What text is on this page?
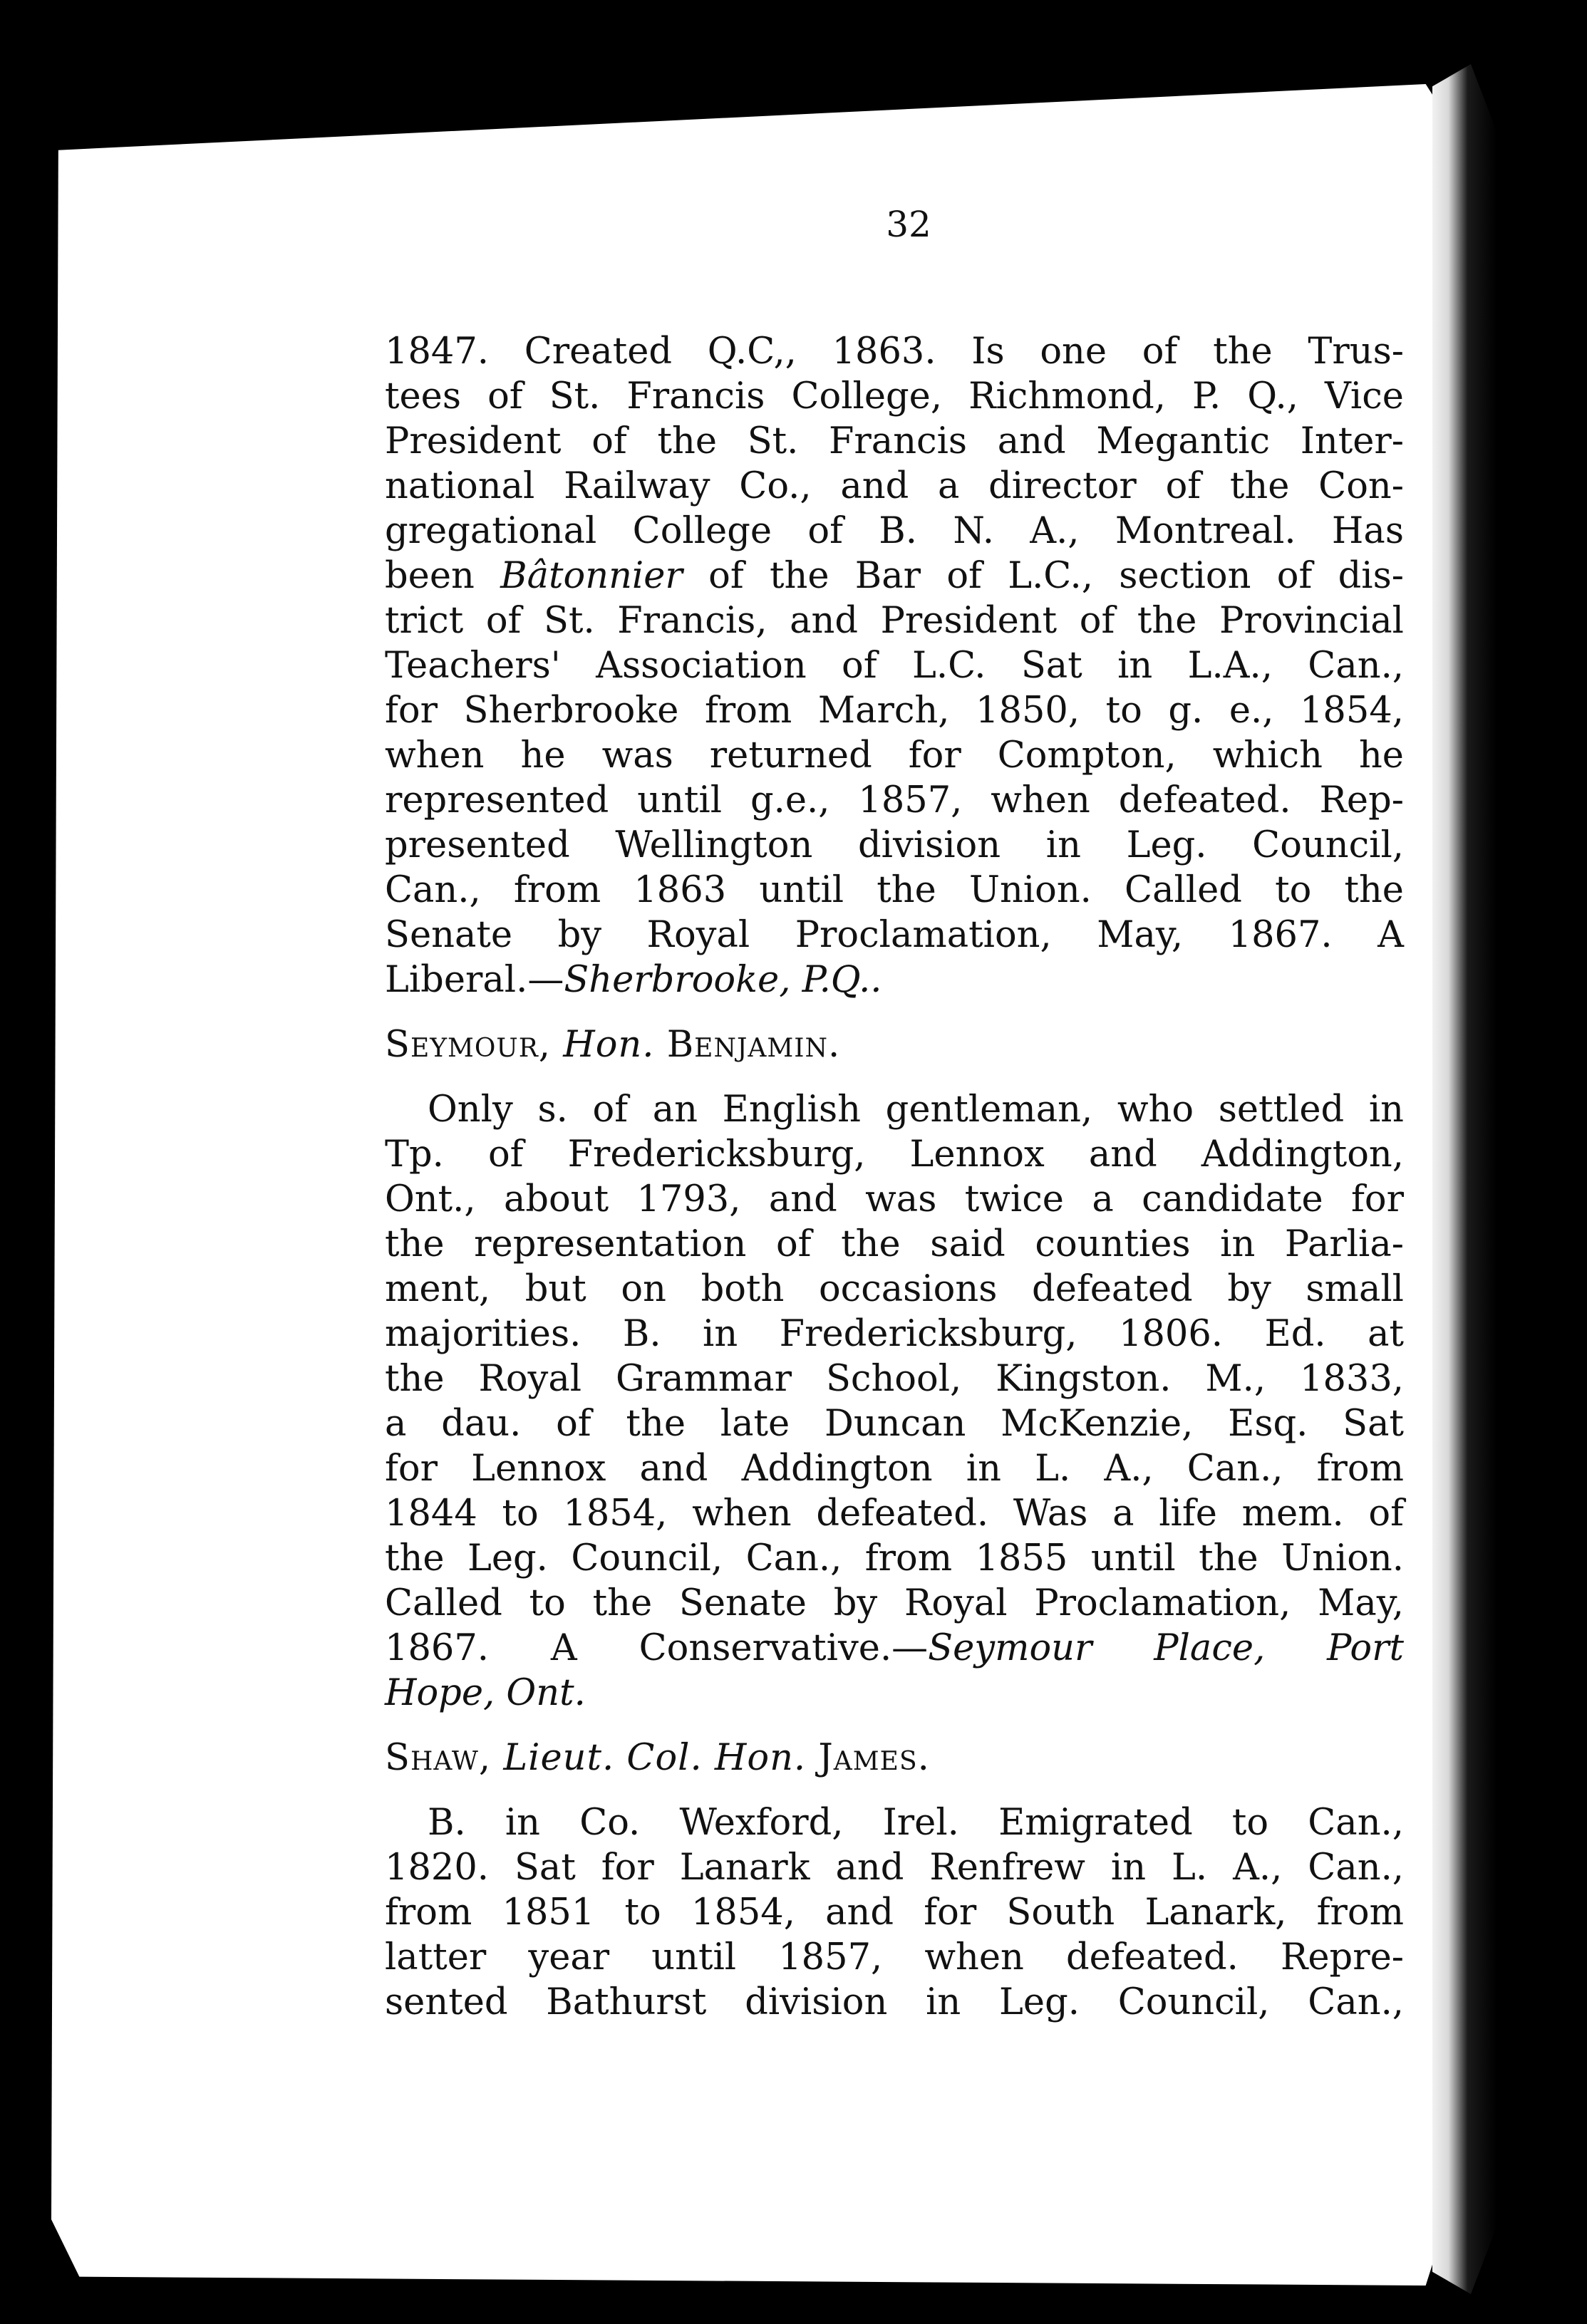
32
1847. Created Q.C,, 1863. Is one of the Trus-
tees of St. Francis College, Richmond, P. Q., Vice
President of the St. Francis and Megantic Inter-
national Railway Co., and a director of the Con-
gregational College of B. N. A., Montreal. Has
been Bâtonnier of the Bar of L.C., section of dis-
trict of St. Francis, and President of the Provincial
Teachers' Association of L.C. Sat in L.A., Can.,
for Sherbrooke from March, 1850, to g. e., 1854,
when he was returned for Compton, which he
represented until g.e., 1857, when defeated. Rep-
presented Wellington division in Leg. Council,
Can., from 1863 until the Union. Called to the
Senate by Royal Proclamation, May, 1867. A
Liberal.—Sherbrooke, P.Q..
Seymour, Hon. Benjamin.
Only s. of an English gentleman, who settled in
Tp. of Fredericksburg, Lennox and Addington,
Ont., about 1793, and was twice a candidate for
the representation of the said counties in Parlia-
ment, but on both occasions defeated by small
majorities. B. in Fredericksburg, 1806. Ed. at
the Royal Grammar School, Kingston. M., 1833,
a dau. of the late Duncan McKenzie, Esq. Sat
for Lennox and Addington in L. A., Can., from
1844 to 1854, when defeated. Was a life mem. of
the Leg. Council, Can., from 1855 until the Union.
Called to the Senate by Royal Proclamation, May,
1867. A Conservative.—Seymour Place, Port
Hope, Ont.
Shaw, Lieut. Col. Hon. James.
B. in Co. Wexford, Irel. Emigrated to Can.,
1820. Sat for Lanark and Renfrew in L. A., Can.,
from 1851 to 1854, and for South Lanark, from
latter year until 1857, when defeated. Repre-
sented Bathurst division in Leg. Council, Can.,
